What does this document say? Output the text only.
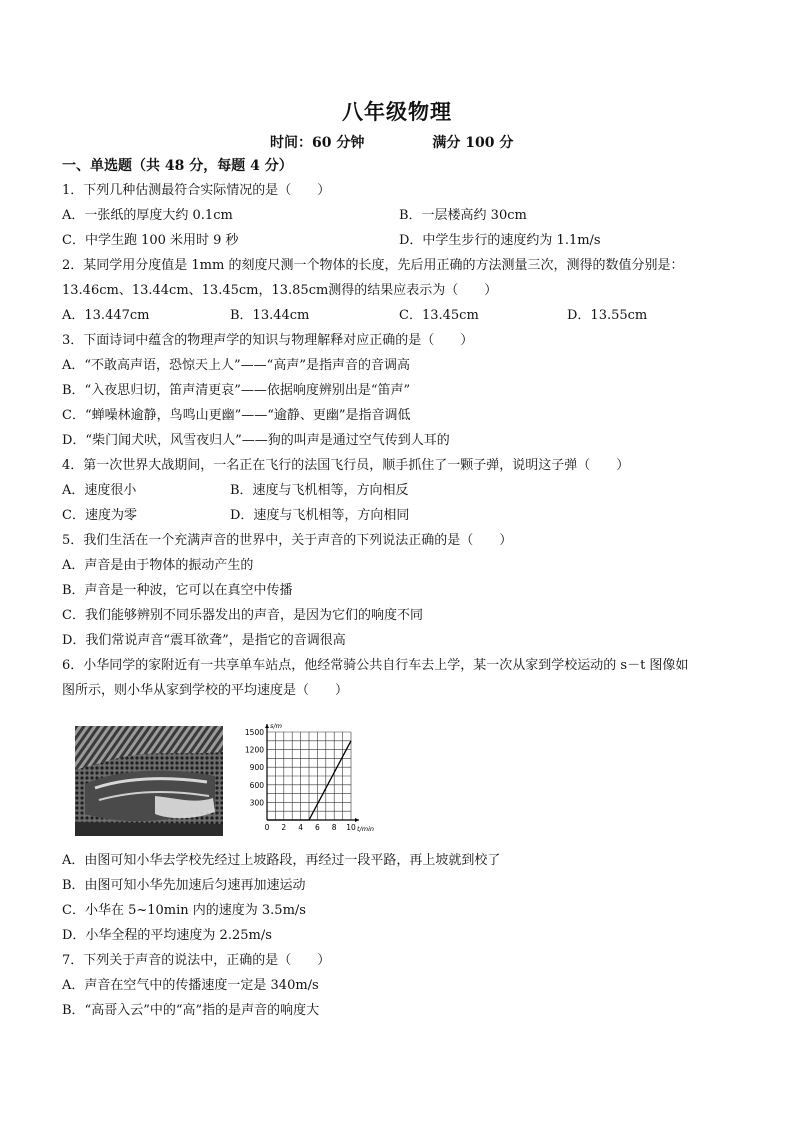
八年级物理
时间：60 分钟	满分 100 分
一、单选题（共 48 分，每题 4 分）
1．下列几种估测最符合实际情况的是（　　）
A．一张纸的厚度大约 0.1cm	B．一层楼高约 30cm
C．中学生跑 100 米用时 9 秒	D．中学生步行的速度约为 1.1m/s
2．某同学用分度值是 1mm 的刻度尺测一个物体的长度，先后用正确的方法测量三次，测得的数值分别是：
13.46cm、13.44cm、13.45cm，13.85cm测得的结果应表示为（　　）
A．13.447cm	B．13.44cm	C．13.45cm	D．13.55cm
3．下面诗词中蕴含的物理声学的知识与物理解释对应正确的是（　　）
A．“不敢高声语，恐惊天上人”——“高声”是指声音的音调高
B．“入夜思归切，笛声清更哀”——依据响度辨别出是“笛声”
C．“蝉噪林逾静，鸟鸣山更幽”——“逾静、更幽”是指音调低
D．“柴门闻犬吠，风雪夜归人”——狗的叫声是通过空气传到人耳的
4．第一次世界大战期间，一名正在飞行的法国飞行员，顺手抓住了一颗子弹，说明这子弹（　　）
A．速度很小	B．速度与飞机相等，方向相反
C．速度为零	D．速度与飞机相等，方向相同
5．我们生活在一个充满声音的世界中，关于声音的下列说法正确的是（　　）
A．声音是由于物体的振动产生的
B．声音是一种波，它可以在真空中传播
C．我们能够辨别不同乐器发出的声音，是因为它们的响度不同
D．我们常说声音“震耳欲聋”，是指它的音调很高
6．小华同学的家附近有一共享单车站点，他经常骑公共自行车去上学，某一次从家到学校运动的 s－t 图像如
图所示，则小华从家到学校的平均速度是（　　）
0 2 4 6 8 10
300
600
900
1200
1500
t/min
s/m
A．由图可知小华去学校先经过上坡路段，再经过一段平路，再上坡就到校了
B．由图可知小华先加速后匀速再加速运动
C．小华在 5~10min 内的速度为 3.5m/s
D．小华全程的平均速度为 2.25m/s
7．下列关于声音的说法中，正确的是（　　）
A．声音在空气中的传播速度一定是 340m/s
B．“高哥入云”中的“高”指的是声音的响度大
